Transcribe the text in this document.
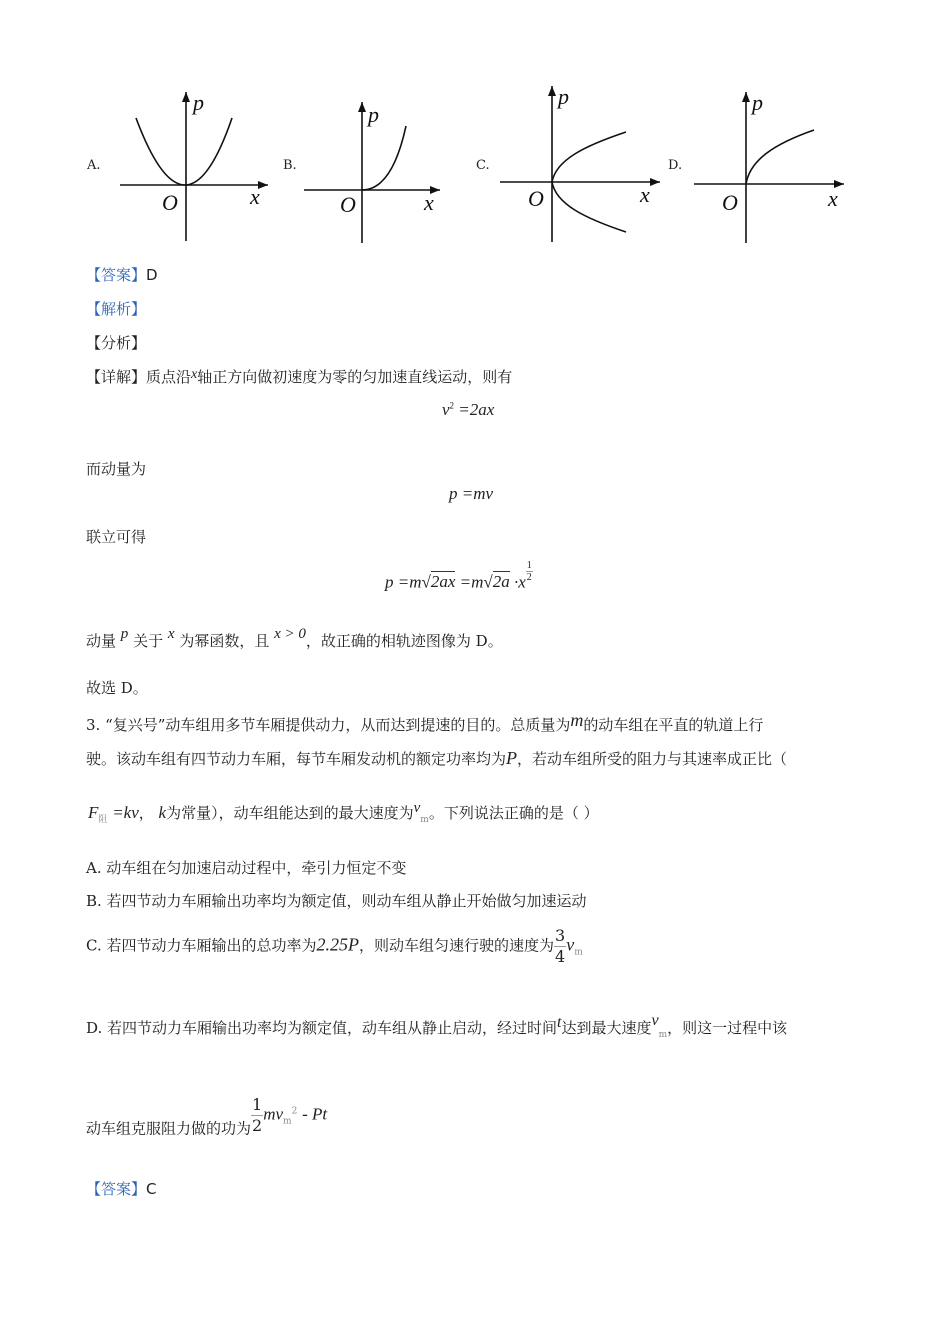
A.
p
x
O
B.
p
x
O
C.
p
x
O
D.
p
x
O
【答案】D
【解析】
【分析】
【详解】质点沿x轴正方向做初速度为零的匀加速直线运动，则有
$v^2 =2ax$
而动量为
p =mv
联立可得
$p =m√2ax =m√2a \cdot x \frac{1}{2}$
动量 p 关于 x 为幂函数，且 x > 0，故正确的相轨迹图像为 D。
故选 D。
3. “复兴号”动车组用多节车厢提供动力，从而达到提速的目的。总质量为m的动车组在平直的轨道上行
驶。该动车组有四节动力车厢，每节车厢发动机的额定功率均为P，若动车组所受的阻力与其速率成正比（
$F_阻 =kv$， k为常量），动车组能达到的最大速度为$v_m$。下列说法正确的是（ ）
A. 动车组在匀加速启动过程中，牵引力恒定不变
B. 若四节动力车厢输出功率均为额定值，则动车组从静止开始做匀加速运动
C. 若四节动力车厢输出的总功率为2.25P，则动车组匀速行驶的速度为 $\frac{3}{4} v_m$
D. 若四节动力车厢输出功率均为额定值，动车组从静止启动，经过时间t达到最大速度$v_m$，则这一过程中该
动车组克服阻力做的功为 $\frac{1}{2} mv_m^2$ - Pt
【答案】C
